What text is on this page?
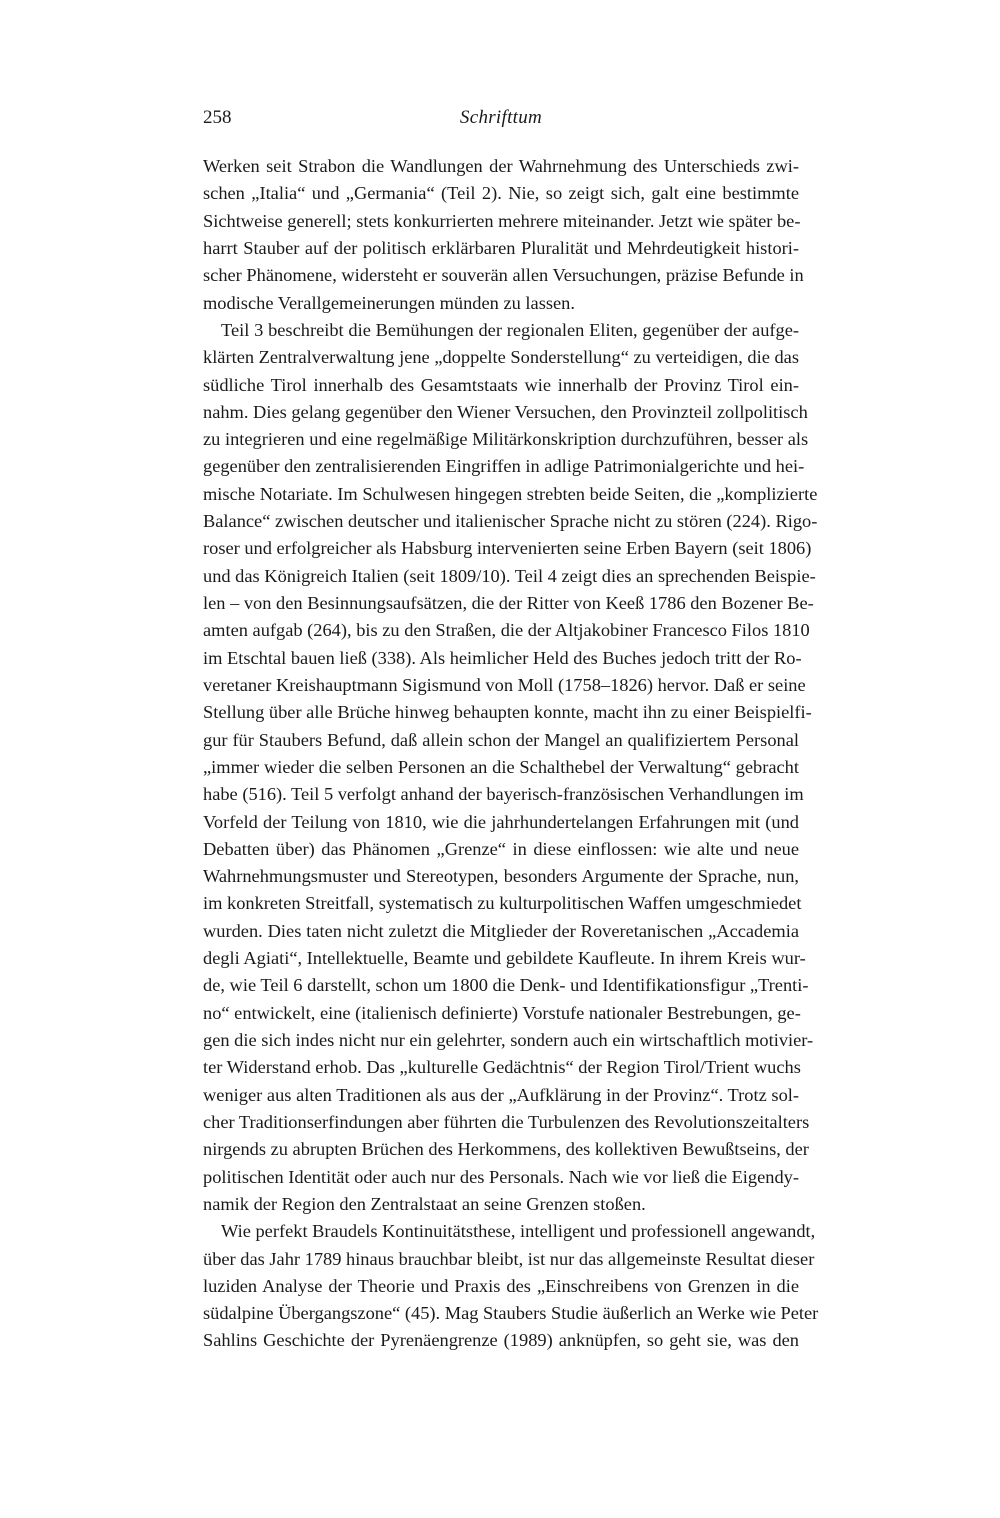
258	Schrifttum

Werken seit Strabon die Wandlungen der Wahrnehmung des Unterschieds zwi-
schen „Italia“ und „Germania“ (Teil 2). Nie, so zeigt sich, galt eine bestimmte
Sichtweise generell; stets konkurrierten mehrere miteinander. Jetzt wie später be-
harrt Stauber auf der politisch erklärbaren Pluralität und Mehrdeutigkeit histori-
scher Phänomene, widersteht er souverän allen Versuchungen, präzise Befunde in
modische Verallgemeinerungen münden zu lassen.

Teil 3 beschreibt die Bemühungen der regionalen Eliten, gegenüber der aufge-
klärten Zentralverwaltung jene „doppelte Sonderstellung“ zu verteidigen, die das
südliche Tirol innerhalb des Gesamtstaats wie innerhalb der Provinz Tirol ein-
nahm. Dies gelang gegenüber den Wiener Versuchen, den Provinzteil zollpolitisch
zu integrieren und eine regelmäßige Militärkonskription durchzuführen, besser als
gegenüber den zentralisierenden Eingriffen in adlige Patrimonialgerichte und hei-
mische Notariate. Im Schulwesen hingegen strebten beide Seiten, die „komplizierte
Balance“ zwischen deutscher und italienischer Sprache nicht zu stören (224). Rigo-
roser und erfolgreicher als Habsburg intervenierten seine Erben Bayern (seit 1806)
und das Königreich Italien (seit 1809/10). Teil 4 zeigt dies an sprechenden Beispie-
len – von den Besinnungsaufsätzen, die der Ritter von Keeß 1786 den Bozener Be-
amten aufgab (264), bis zu den Straßen, die der Altjakobiner Francesco Filos 1810
im Etschtal bauen ließ (338). Als heimlicher Held des Buches jedoch tritt der Ro-
veretaner Kreishauptmann Sigismund von Moll (1758–1826) hervor. Daß er seine
Stellung über alle Brüche hinweg behaupten konnte, macht ihn zu einer Beispielfi-
gur für Staubers Befund, daß allein schon der Mangel an qualifiziertem Personal
„immer wieder die selben Personen an die Schalthebel der Verwaltung“ gebracht
habe (516). Teil 5 verfolgt anhand der bayerisch-französischen Verhandlungen im
Vorfeld der Teilung von 1810, wie die jahrhundertelangen Erfahrungen mit (und
Debatten über) das Phänomen „Grenze“ in diese einflossen: wie alte und neue
Wahrnehmungsmuster und Stereotypen, besonders Argumente der Sprache, nun,
im konkreten Streitfall, systematisch zu kulturpolitischen Waffen umgeschmiedet
wurden. Dies taten nicht zuletzt die Mitglieder der Roveretanischen „Accademia
degli Agiati“, Intellektuelle, Beamte und gebildete Kaufleute. In ihrem Kreis wur-
de, wie Teil 6 darstellt, schon um 1800 die Denk- und Identifikationsfigur „Trenti-
no“ entwickelt, eine (italienisch definierte) Vorstufe nationaler Bestrebungen, ge-
gen die sich indes nicht nur ein gelehrter, sondern auch ein wirtschaftlich motivier-
ter Widerstand erhob. Das „kulturelle Gedächtnis“ der Region Tirol/Trient wuchs
weniger aus alten Traditionen als aus der „Aufklärung in der Provinz“. Trotz sol-
cher Traditionserfindungen aber führten die Turbulenzen des Revolutionszeitalters
nirgends zu abrupten Brüchen des Herkommens, des kollektiven Bewußtseins, der
politischen Identität oder auch nur des Personals. Nach wie vor ließ die Eigendy-
namik der Region den Zentralstaat an seine Grenzen stoßen.

Wie perfekt Braudels Kontinuitätsthese, intelligent und professionell angewandt,
über das Jahr 1789 hinaus brauchbar bleibt, ist nur das allgemeinste Resultat dieser
luziden Analyse der Theorie und Praxis des „Einschreibens von Grenzen in die
südalpine Übergangszone“ (45). Mag Staubers Studie äußerlich an Werke wie Peter
Sahlins Geschichte der Pyrenäengrenze (1989) anknüpfen, so geht sie, was den
